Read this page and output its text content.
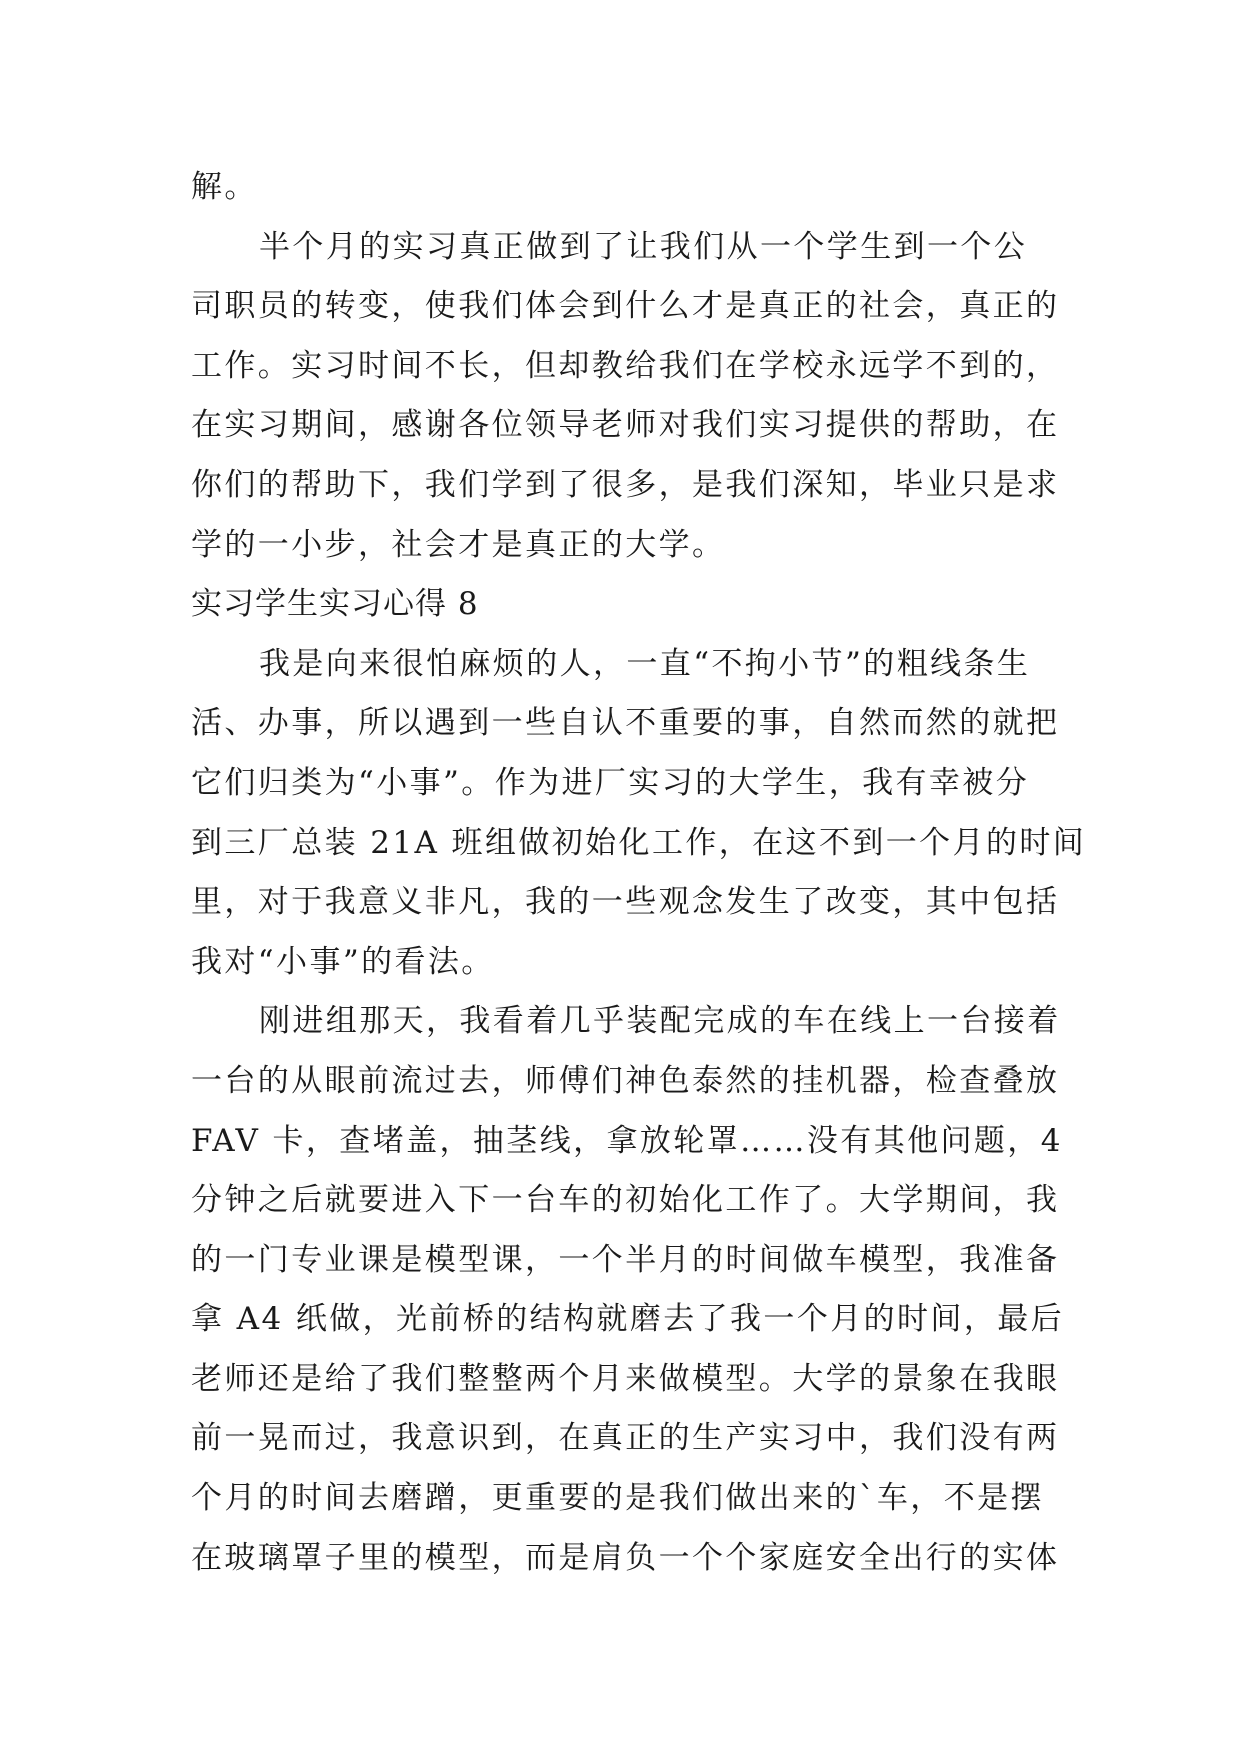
解。

半个月的实习真正做到了让我们从一个学生到一个公
司职员的转变，使我们体会到什么才是真正的社会，真正的
工作。实习时间不长，但却教给我们在学校永远学不到的，
在实习期间，感谢各位领导老师对我们实习提供的帮助，在
你们的帮助下，我们学到了很多，是我们深知，毕业只是求
学的一小步，社会才是真正的大学。

实习学生实习心得 8

我是向来很怕麻烦的人，一直“不拘小节”的粗线条生
活、办事，所以遇到一些自认不重要的事，自然而然的就把
它们归类为“小事”。作为进厂实习的大学生，我有幸被分
到三厂总装 21A 班组做初始化工作，在这不到一个月的时间
里，对于我意义非凡，我的一些观念发生了改变，其中包括
我对“小事”的看法。

刚进组那天，我看着几乎装配完成的车在线上一台接着
一台的从眼前流过去，师傅们神色泰然的挂机器，检查叠放
FAV 卡，查堵盖，抽茎线，拿放轮罩……没有其他问题，4
分钟之后就要进入下一台车的初始化工作了。大学期间，我
的一门专业课是模型课，一个半月的时间做车模型，我准备
拿 A4 纸做，光前桥的结构就磨去了我一个月的时间，最后
老师还是给了我们整整两个月来做模型。大学的景象在我眼
前一晃而过，我意识到，在真正的生产实习中，我们没有两
个月的时间去磨蹭，更重要的是我们做出来的`车，不是摆
在玻璃罩子里的模型，而是肩负一个个家庭安全出行的实体
